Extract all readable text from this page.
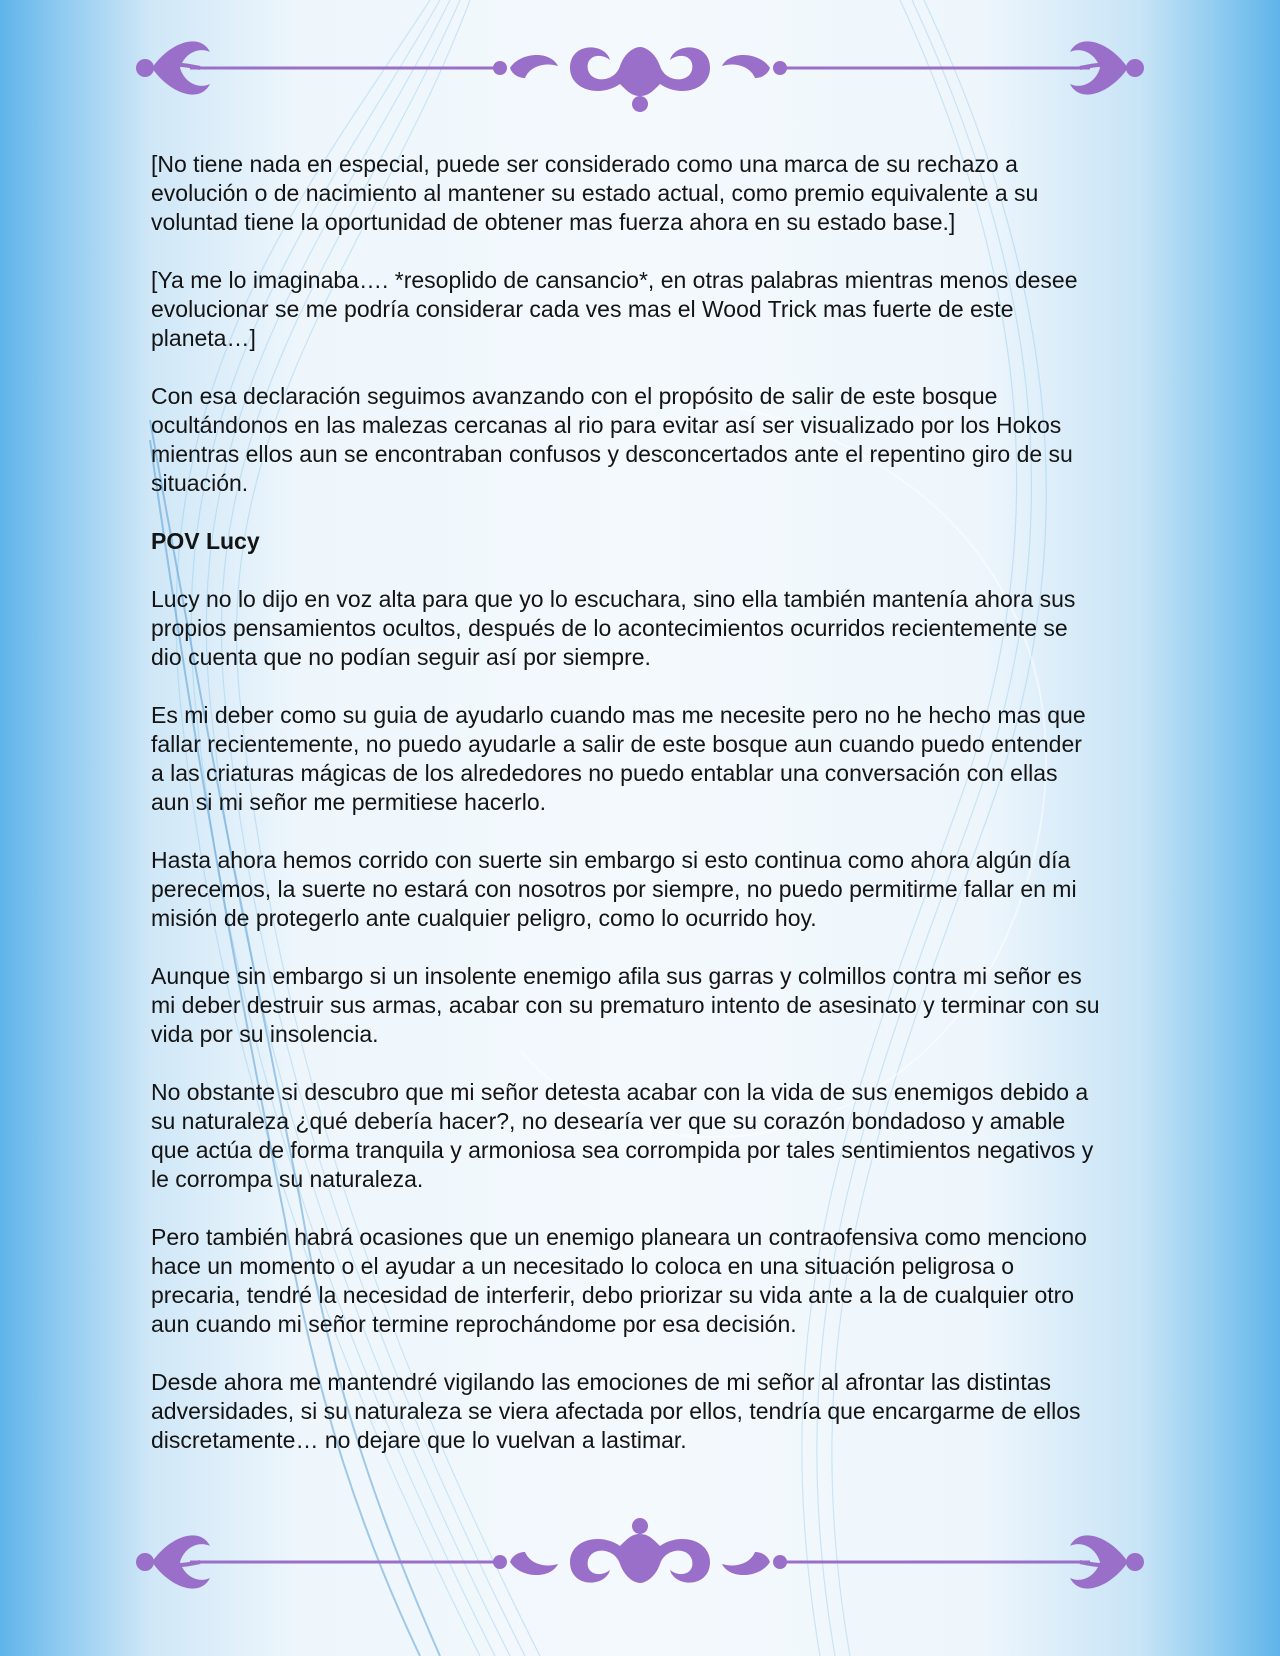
[No tiene nada en especial, puede ser considerado como una marca de su rechazo a evolución o de nacimiento al mantener su estado actual, como premio equivalente a su voluntad tiene la oportunidad de obtener mas fuerza ahora en su estado base.]

[Ya me lo imaginaba…. *resoplido de cansancio*, en otras palabras mientras menos desee evolucionar se me podría considerar cada ves mas el Wood Trick mas fuerte de este planeta…]

Con esa declaración seguimos avanzando con el propósito de salir de este bosque ocultándonos en las malezas cercanas al rio para evitar así ser visualizado por los Hokos mientras ellos aun se encontraban confusos y desconcertados ante el repentino giro de su situación.

POV Lucy

Lucy no lo dijo en voz alta para que yo lo escuchara, sino ella también mantenía ahora sus propios pensamientos ocultos, después de lo acontecimientos ocurridos recientemente se dio cuenta que no podían seguir así por siempre.

Es mi deber como su guia de ayudarlo cuando mas me necesite pero no he hecho mas que fallar recientemente, no puedo ayudarle a salir de este bosque aun cuando puedo entender a las criaturas mágicas de los alrededores no puedo entablar una conversación con ellas aun si mi señor me permitiese hacerlo.

Hasta ahora hemos corrido con suerte sin embargo si esto continua como ahora algún día perecemos, la suerte no estará con nosotros por siempre, no puedo permitirme fallar en mi misión de protegerlo ante cualquier peligro, como lo ocurrido hoy.

Aunque sin embargo si un insolente enemigo afila sus garras y colmillos contra mi señor es mi deber destruir sus armas, acabar con su prematuro intento de asesinato y terminar con su vida por su insolencia.

No obstante si descubro que mi señor detesta acabar con la vida de sus enemigos debido a su naturaleza ¿qué debería hacer?, no desearía ver que su corazón bondadoso y amable que actúa de forma tranquila y armoniosa sea corrompida por tales sentimientos negativos y le corrompa su naturaleza.

Pero también habrá ocasiones que un enemigo planeara un contraofensiva como menciono hace un momento o el ayudar a un necesitado lo coloca en una situación peligrosa o precaria, tendré la necesidad de interferir, debo priorizar su vida ante a la de cualquier otro aun cuando mi señor termine reprochándome por esa decisión.

Desde ahora me mantendré vigilando las emociones de mi señor al afrontar las distintas adversidades, si su naturaleza se viera afectada por ellos, tendría que encargarme de ellos discretamente… no dejare que lo vuelvan a lastimar.
